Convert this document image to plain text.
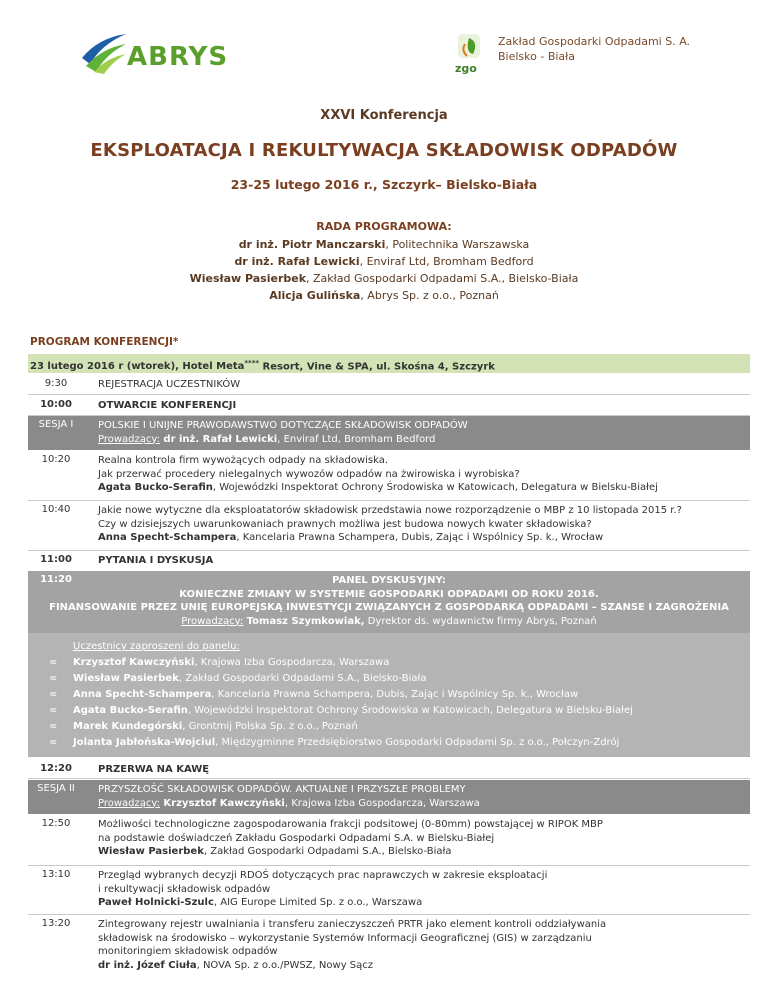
ABRYS	zgo
Zakład Gospodarki Odpadami S. A.
Bielsko - Biała
XXVI Konferencja
EKSPLOATACJA I REKULTYWACJA SKŁADOWISK ODPADÓW
23-25 lutego 2016 r., Szczyrk– Bielsko-Biała
RADA PROGRAMOWA:
dr inż. Piotr Manczarski, Politechnika Warszawska
dr inż. Rafał Lewicki, Enviraf Ltd, Bromham Bedford
Wiesław Pasierbek, Zakład Gospodarki Odpadami S.A., Bielsko-Biała
Alicja Gulińska, Abrys Sp. z o.o., Poznań
PROGRAM KONFERENCJI*
23 lutego 2016 r (wtorek), Hotel Meta**** Resort, Vine & SPA, ul. Skośna 4, Szczyrk
9:30	REJESTRACJA UCZESTNIKÓW
10:00	OTWARCIE KONFERENCJI
SESJA I	POLSKIE I UNIJNE PRAWODAWSTWO DOTYCZĄCE SKŁADOWISK ODPADÓW
Prowadzący: dr inż. Rafał Lewicki, Enviraf Ltd, Bromham Bedford
10:20	Realna kontrola firm wywożących odpady na składowiska.
Jak przerwać procedery nielegalnych wywozów odpadów na żwirowiska i wyrobiska?
Agata Bucko-Serafin, Wojewódzki Inspektorat Ochrony Środowiska w Katowicach, Delegatura w Bielsku-Białej
10:40	Jakie nowe wytyczne dla eksploatatorów składowisk przedstawia nowe rozporządzenie o MBP z 10 listopada 2015 r.?
Czy w dzisiejszych uwarunkowaniach prawnych możliwa jest budowa nowych kwater składowiska?
Anna Specht-Schampera, Kancelaria Prawna Schampera, Dubis, Zając i Wspólnicy Sp. k., Wrocław
11:00	PYTANIA I DYSKUSJA
11:20	PANEL DYSKUSYJNY:
KONIECZNE ZMIANY W SYSTEMIE GOSPODARKI ODPADAMI OD ROKU 2016.
FINANSOWANIE PRZEZ UNIĘ EUROPEJSKĄ INWESTYCJI ZWIĄZANYCH Z GOSPODARKĄ ODPADAMI – SZANSE I ZAGROŻENIA
Prowadzący: Tomasz Szymkowiak, Dyrektor ds. wydawnictw firmy Abrys, Poznań
Uczestnicy zaproszeni do panelu:
∞ Krzysztof Kawczyński, Krajowa Izba Gospodarcza, Warszawa
∞ Wiesław Pasierbek, Zakład Gospodarki Odpadami S.A., Bielsko-Biała
∞ Anna Specht-Schampera, Kancelaria Prawna Schampera, Dubis, Zając i Wspólnicy Sp. k., Wrocław
∞ Agata Bucko-Serafin, Wojewódzki Inspektorat Ochrony Środowiska w Katowicach, Delegatura w Bielsku-Białej
∞ Marek Kundegórski, Grontmij Polska Sp. z o.o., Poznań
∞ Jolanta Jabłońska-Wojciul, Międzygminne Przedsiębiorstwo Gospodarki Odpadami Sp. z o.o., Połczyn-Zdrój
12:20	PRZERWA NA KAWĘ
SESJA II	PRZYSZŁOŚĆ SKŁADOWISK ODPADÓW. AKTUALNE I PRZYSZŁE PROBLEMY
Prowadzący: Krzysztof Kawczyński, Krajowa Izba Gospodarcza, Warszawa
12:50	Możliwości technologiczne zagospodarowania frakcji podsitowej (0-80mm) powstającej w RIPOK MBP
na podstawie doświadczeń Zakładu Gospodarki Odpadami S.A. w Bielsku-Białej
Wiesław Pasierbek, Zakład Gospodarki Odpadami S.A., Bielsko-Biała
13:10	Przegląd wybranych decyzji RDOŚ dotyczących prac naprawczych w zakresie eksploatacji
i rekultywacji składowisk odpadów
Paweł Holnicki-Szulc, AIG Europe Limited Sp. z o.o., Warszawa
13:20	Zintegrowany rejestr uwalniania i transferu zanieczyszczeń PRTR jako element kontroli oddziaływania
składowisk na środowisko – wykorzystanie Systemów Informacji Geograficznej (GIS) w zarządzaniu
monitoringiem składowisk odpadów
dr inż. Józef Ciuła, NOVA Sp. z o.o./PWSZ, Nowy Sącz
